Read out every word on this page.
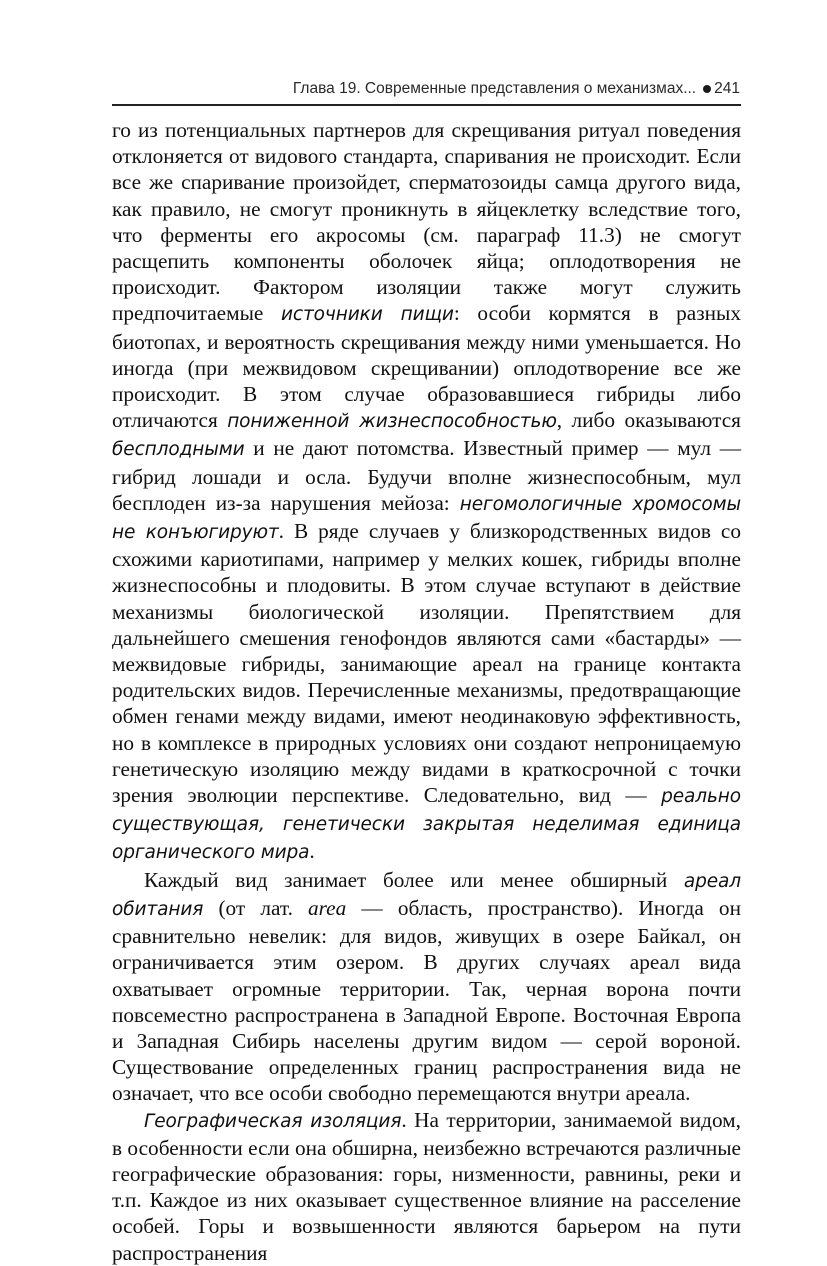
Глава 19. Современные представления о механизмах... 241

го из потенциальных партнеров для скрещивания ритуал поведения отклоняется от видового стандарта, спаривания не происходит. Если все же спаривание произойдет, сперматозоиды самца другого вида, как правило, не смогут проникнуть в яйцеклетку вследствие того, что ферменты его акросомы (см. параграф 11.3) не смогут расщепить компоненты оболочек яйца; оплодотворения не происходит. Фактором изоляции также могут служить предпочитаемые источники пищи: особи кормятся в разных биотопах, и вероятность скрещивания между ними уменьшается. Но иногда (при межвидовом скрещивании) оплодотворение все же происходит. В этом случае образовавшиеся гибриды либо отличаются пониженной жизнеспособностью, либо оказываются бесплодными и не дают потомства. Известный пример — мул — гибрид лошади и осла. Будучи вполне жизнеспособным, мул бесплоден из-за нарушения мейоза: негомологичные хромосомы не конъюгируют. В ряде случаев у близкородственных видов со схожими кариотипами, например у мелких кошек, гибриды вполне жизнеспособны и плодовиты. В этом случае вступают в действие механизмы биологической изоляции. Препятствием для дальнейшего смешения генофондов являются сами «бастарды» — межвидовые гибриды, занимающие ареал на границе контакта родительских видов. Перечисленные механизмы, предотвращающие обмен генами между видами, имеют неодинаковую эффективность, но в комплексе в природных условиях они создают непроницаемую генетическую изоляцию между видами в краткосрочной с точки зрения эволюции перспективе. Следовательно, вид — реально существующая, генетически закрытая неделимая единица органического мира.

Каждый вид занимает более или менее обширный ареал обитания (от лат. area — область, пространство). Иногда он сравнительно невелик: для видов, живущих в озере Байкал, он ограничивается этим озером. В других случаях ареал вида охватывает огромные территории. Так, черная ворона почти повсеместно распространена в Западной Европе. Восточная Европа и Западная Сибирь населены другим видом — серой вороной. Существование определенных границ распространения вида не означает, что все особи свободно перемещаются внутри ареала.

Географическая изоляция. На территории, занимаемой видом, в особенности если она обширна, неизбежно встречаются различные географические образования: горы, низменности, равнины, реки и т.п. Каждое из них оказывает существенное влияние на расселение особей. Горы и возвышенности являются барьером на пути распространения
